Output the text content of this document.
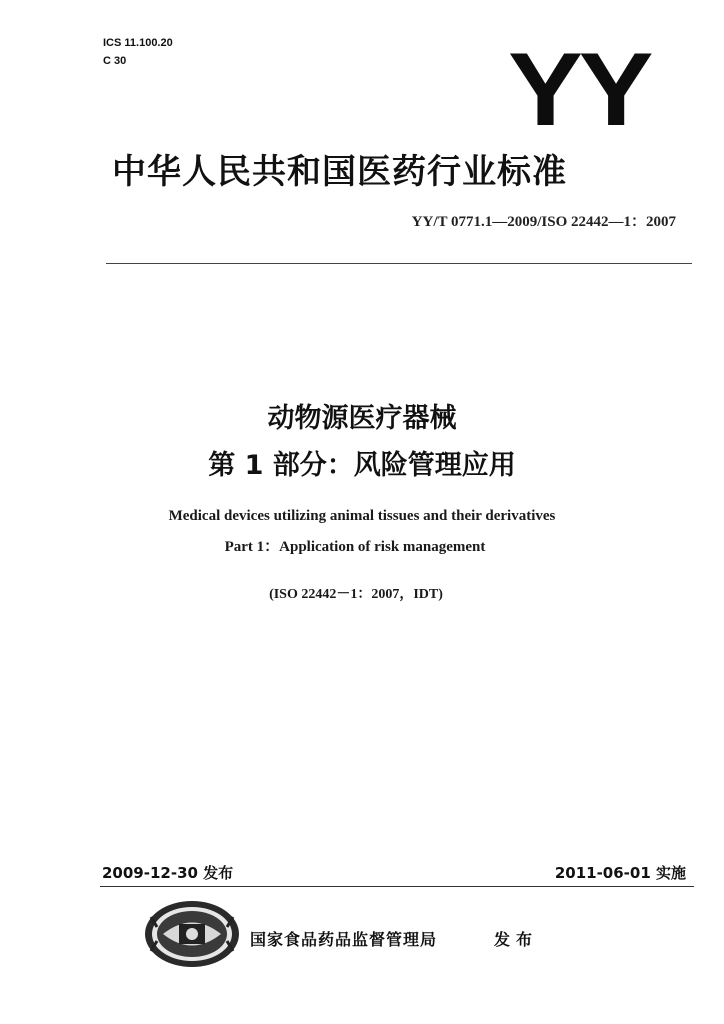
ICS 11.100.20
C 30	YY
中华人民共和国医药行业标准
YY/T 0771.1—2009/ISO 22442—1：2007
动物源医疗器械
第 1 部分：风险管理应用
Medical devices utilizing animal tissues and their derivatives
Part 1：Application of risk management
(ISO 22442－1：2007，IDT)
2009-12-30 发布	2011-06-01 实施
国家食品药品监督管理局	发布
